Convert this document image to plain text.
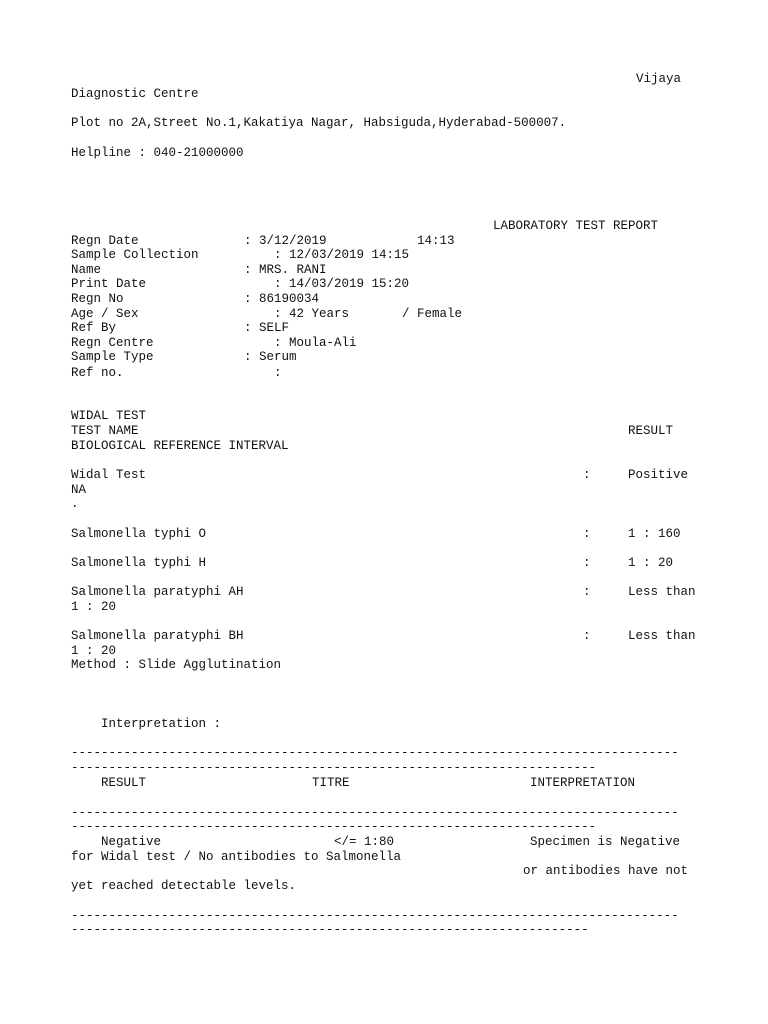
Vijaya
Diagnostic Centre
Plot no 2A,Street No.1,Kakatiya Nagar, Habsiguda,Hyderabad-500007.
Helpline : 040-21000000
LABORATORY TEST REPORT
Regn Date	: 3/12/2019	14:13
Sample Collection	: 12/03/2019 14:15
Name	: MRS. RANI
Print Date	: 14/03/2019 15:20
Regn No	: 86190034
Age / Sex	: 42 Years	/ Female
Ref By	: SELF
Regn Centre	: Moula-Ali
Sample Type	: Serum
Ref no.	:
WIDAL TEST
TEST NAME	RESULT
BIOLOGICAL REFERENCE INTERVAL
Widal Test	:	Positive
NA
.
Salmonella typhi O	:	1 : 160
Salmonella typhi H	:	1 : 20
Salmonella paratyphi AH	:	Less than
1 : 20
Salmonella paratyphi BH	:	Less than
1 : 20
Method : Slide Agglutination
Interpretation :
---------------------------------------------------------------------------------
----------------------------------------------------------------------
RESULT	TITRE	INTERPRETATION
---------------------------------------------------------------------------------
----------------------------------------------------------------------
Negative	</= 1:80	Specimen is Negative
for Widal test / No antibodies to Salmonella
or antibodies have not
yet reached detectable levels.
---------------------------------------------------------------------------------
---------------------------------------------------------------------
